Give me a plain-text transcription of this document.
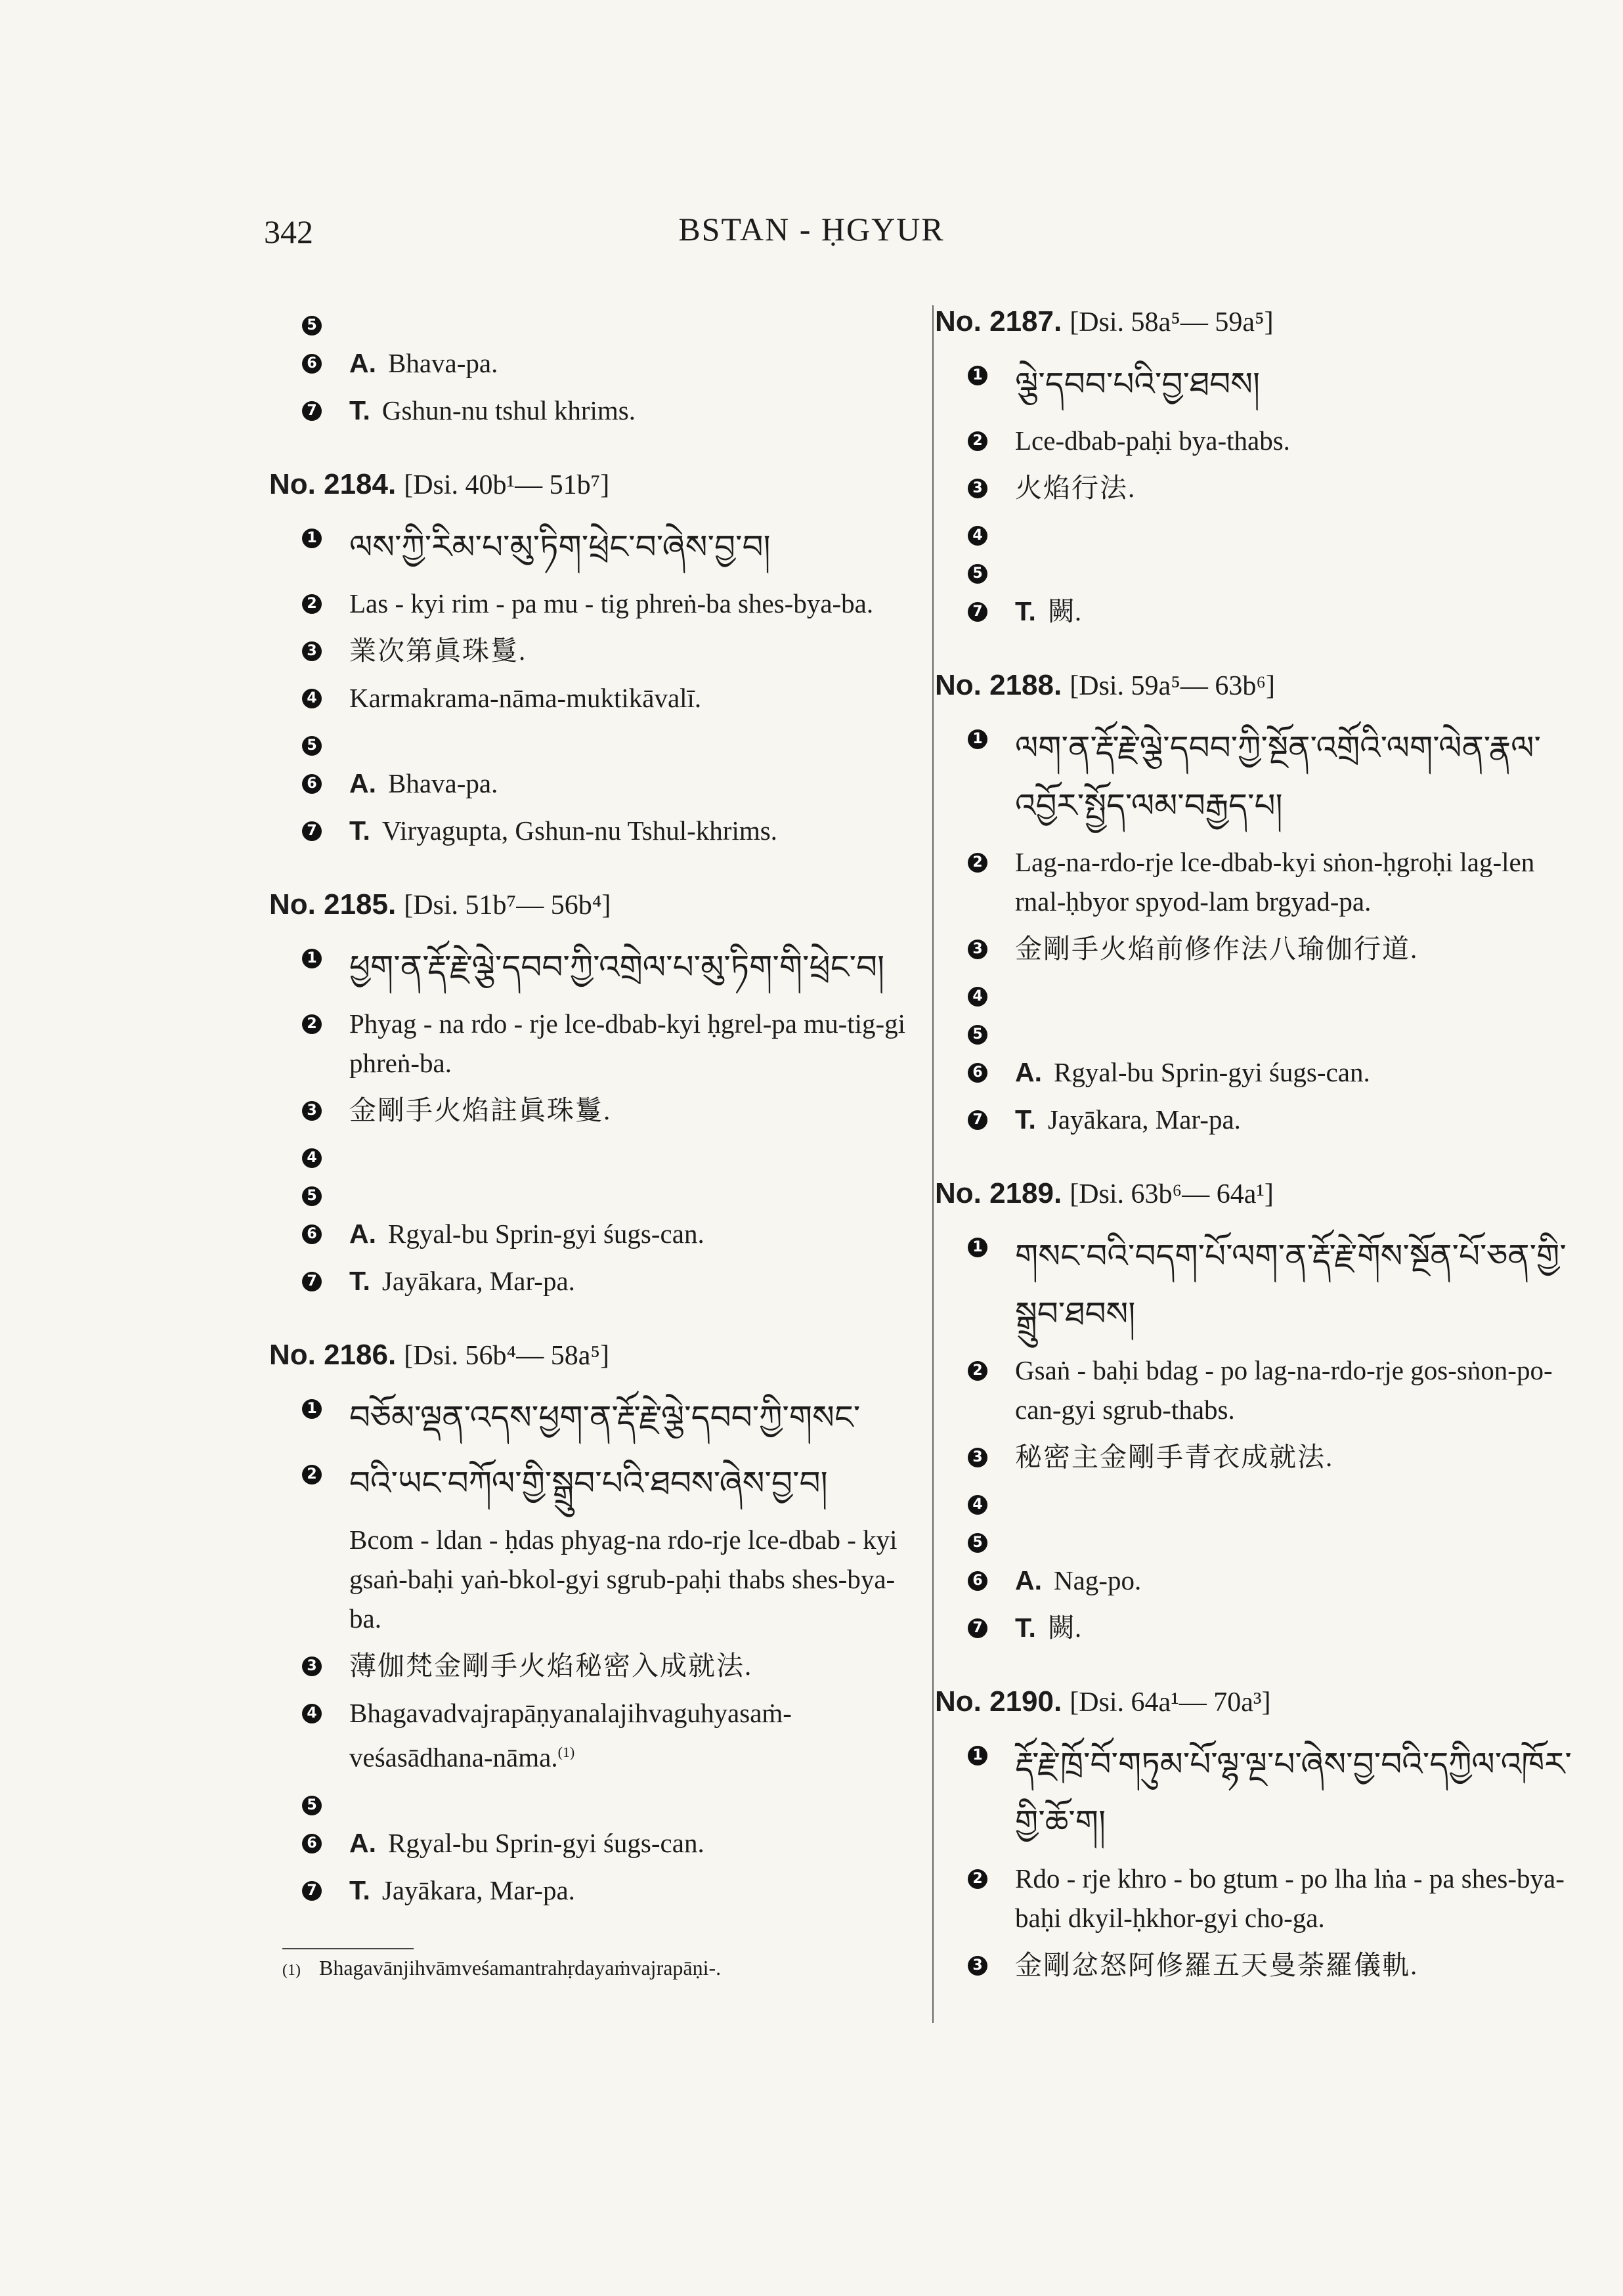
342	BSTAN - ḤGYUR
5
6 A. Bhava-pa.
7 T. Gshun-nu tshul khrims.
No. 2184. [Dsi. 40b¹— 51b⁷]
1 ལས་ཀྱི་རིམ་པ་མུ་ཏིག་ཕྲེང་བ་ཞེས་བྱ་བ།
2 Las - kyi rim - pa mu - tig phreṅ-ba shes-bya-ba.
3 業次第眞珠鬘.
4 Karmakrama-nāma-muktikāvalī.
5
6 A. Bhava-pa.
7 T. Viryagupta, Gshun-nu Tshul-khrims.
No. 2185. [Dsi. 51b⁷— 56b⁴]
1 ཕྱག་ན་རྡོ་རྗེ་ལྕེ་དབབ་ཀྱི་འགྲེལ་པ་མུ་ཏིག་གི་ཕྲེང་བ།
2 Phyag - na rdo - rje lce-dbab-kyi ḥgrel-pa mu-tig-gi phreṅ-ba.
3 金剛手火焰註眞珠鬘.
4
5
6 A. Rgyal-bu Sprin-gyi śugs-can.
7 T. Jayākara, Mar-pa.
No. 2186. [Dsi. 56b⁴— 58a⁵]
1 བཅོམ་ལྡན་འདས་ཕྱག་ན་རྡོ་རྗེ་ལྕེ་དབབ་ཀྱི་གསང་
2 བའི་ཡང་བཀོལ་གྱི་སྒྲུབ་པའི་ཐབས་ཞེས་བྱ་བ།
Bcom - ldan - ḥdas phyag-na rdo-rje lce-dbab - kyi gsaṅ-baḥi yaṅ-bkol-gyi sgrub-paḥi thabs shes-bya-ba.
3 薄伽梵金剛手火焰秘密入成就法.
4 Bhagavadvajrapāṇyanalajihvaguhyasaṁ-veśasādhana-nāma.$^{(1)}$
5
6 A. Rgyal-bu Sprin-gyi śugs-can.
7 T. Jayākara, Mar-pa.
(1) Bhagavānjihvāmveśamantrahṛdayaṁvajrapāṇi-.
No. 2187. [Dsi. 58a⁵— 59a⁵]
1 ལྕེ་དབབ་པའི་བྱ་ཐབས།
2 Lce-dbab-paḥi bya-thabs.
3 火焰行法.
4
5
7 T. 闕.
No. 2188. [Dsi. 59a⁵— 63b⁶]
1 ལག་ན་རྡོ་རྗེ་ལྕེ་དབབ་ཀྱི་སྔོན་འགྲོའི་ལག་ལེན་རྣལ་འབྱོར་སྤྱོད་ལམ་བརྒྱད་པ།
2 Lag-na-rdo-rje lce-dbab-kyi sṅon-ḥgroḥi lag-len rnal-ḥbyor spyod-lam brgyad-pa.
3 金剛手火焰前修作法八瑜伽行道.
4
5
6 A. Rgyal-bu Sprin-gyi śugs-can.
7 T. Jayākara, Mar-pa.
No. 2189. [Dsi. 63b⁶— 64a¹]
1 གསང་བའི་བདག་པོ་ལག་ན་རྡོ་རྗེ་གོས་སྔོན་པོ་ཅན་གྱི་སྒྲུབ་ཐབས།
2 Gsaṅ - baḥi bdag - po lag-na-rdo-rje gos-sṅon-po-can-gyi sgrub-thabs.
3 秘密主金剛手青衣成就法.
4
5
6 A. Nag-po.
7 T. 闕.
No. 2190. [Dsi. 64a¹— 70a³]
1 རྡོ་རྗེ་ཁྲོ་བོ་གཏུམ་པོ་ལྷ་ལྔ་པ་ཞེས་བྱ་བའི་དཀྱིལ་འཁོར་གྱི་ཆོ་ག།
2 Rdo - rje khro - bo gtum - po lha lṅa - pa shes-bya-baḥi dkyil-ḥkhor-gyi cho-ga.
3 金剛忿怒阿修羅五天曼荼羅儀軌.
